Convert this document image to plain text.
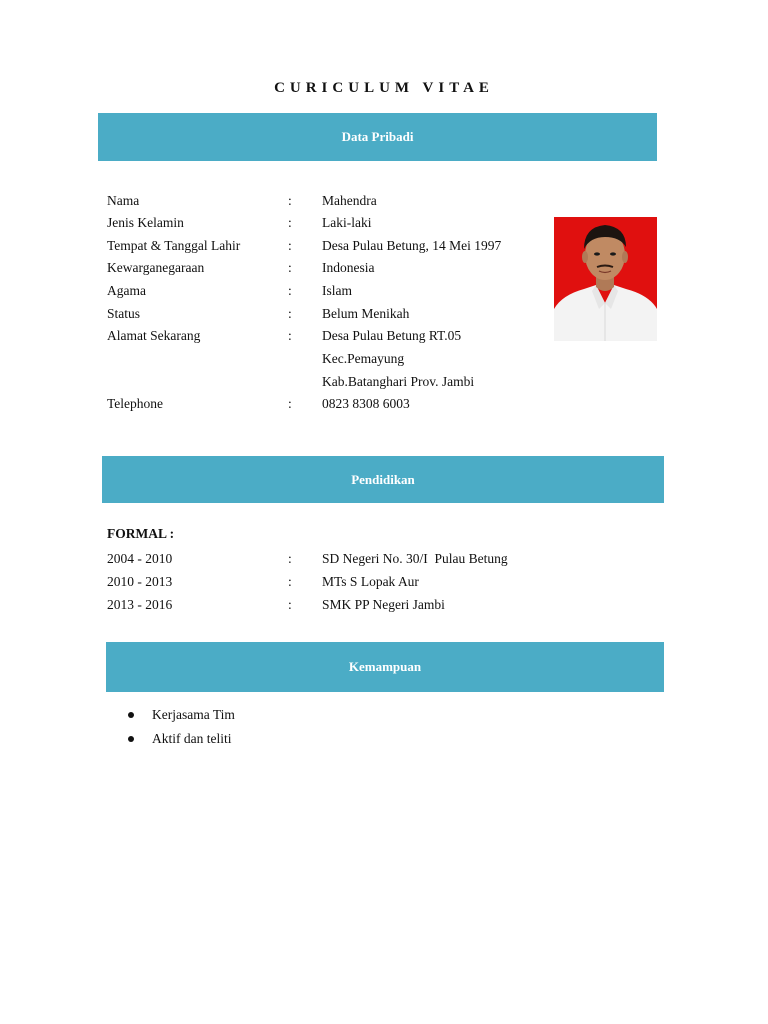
CURICULUM VITAE
Data Pribadi
Nama	: Mahendra
Jenis Kelamin	: Laki-laki
Tempat & Tanggal Lahir	: Desa Pulau Betung, 14 Mei 1997
Kewarganegaraan	: Indonesia
Agama	: Islam
Status	: Belum Menikah
Alamat Sekarang	: Desa Pulau Betung RT.05
Kec.Pemayung
Kab.Batanghari Prov. Jambi
Telephone	: 0823 8308 6003
Pendidikan
FORMAL :
2004 - 2010	: SD Negeri No. 30/I  Pulau Betung
2010 - 2013	: MTs S Lopak Aur
2013 - 2016	: SMK PP Negeri Jambi
Kemampuan
Kerjasama Tim
Aktif dan teliti
